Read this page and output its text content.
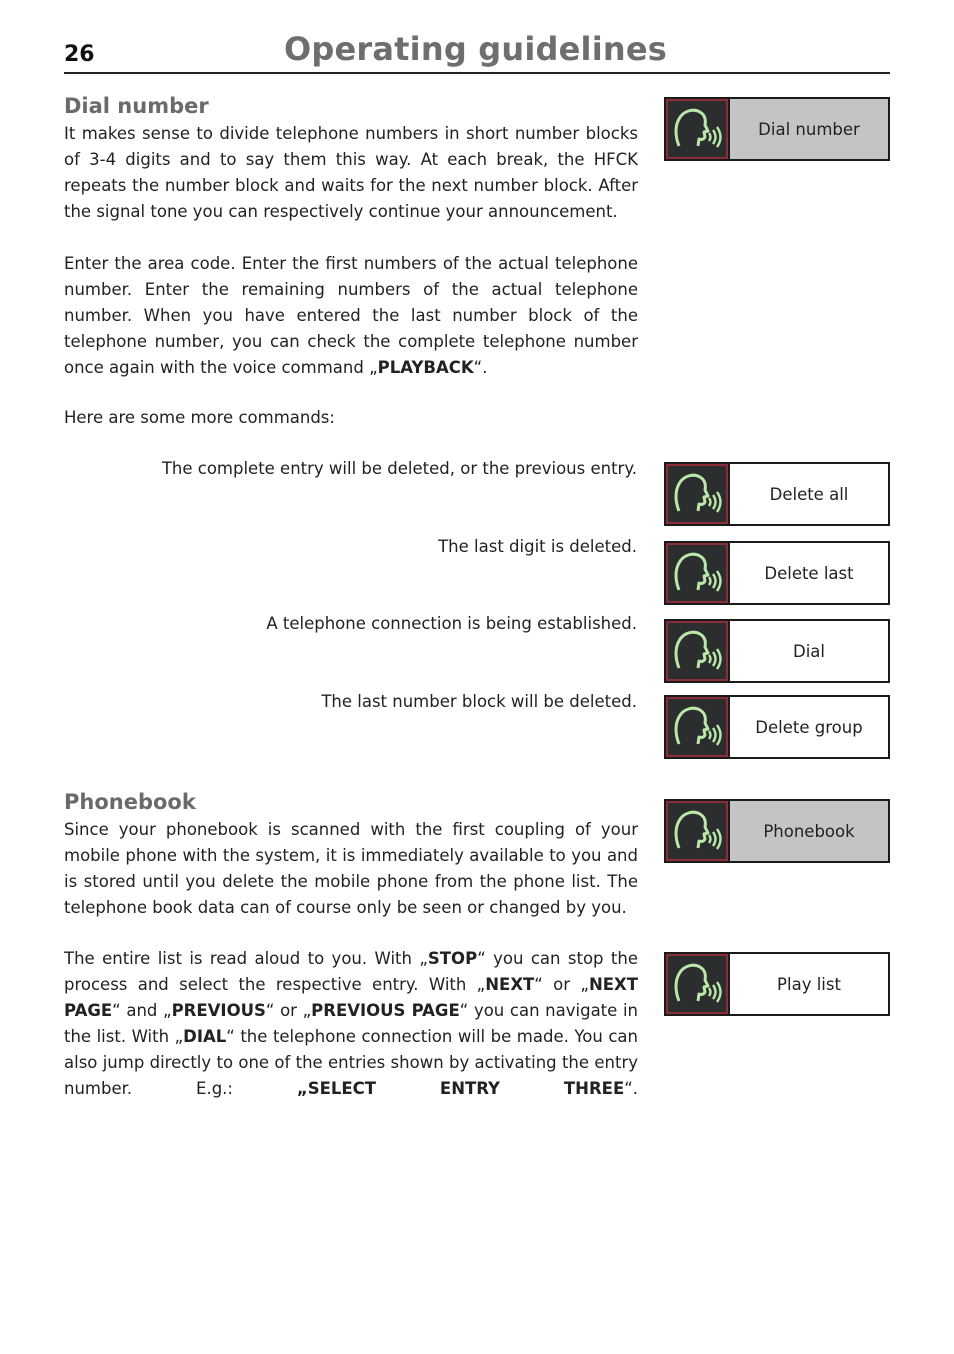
26	Operating guidelines
Dial number

It makes sense to divide telephone numbers in short number blocks of 3-4 digits and to say them this way. At each break, the HFCK repeats the number block and waits for the next number block. After the signal tone you can respectively continue your announcement.

Enter the area code. Enter the first numbers of the actual telephone number. Enter the remaining numbers of the actual telephone number. When you have entered the last number block of the telephone number, you can check the complete telephone number once again with the voice command „PLAYBACK“.

Here are some more commands:

Dial number
The complete entry will be deleted, or the previous entry.
Delete all
The last digit is deleted.
Delete last
A telephone connection is being established.
Dial
The last number block will be deleted.
Delete group
Phonebook

Since your phonebook is scanned with the first coupling of your mobile phone with the system, it is immediately available to you and is stored until you delete the mobile phone from the phone list. The telephone book data can of course only be seen or changed by you.

Phonebook

The entire list is read aloud to you. With „STOP“ you can stop the process and select the respective entry. With „NEXT“ or „NEXT PAGE“ and „PREVIOUS“ or „PREVIOUS PAGE“ you can navigate in the list. With „DIAL“ the telephone connection will be made. You can also jump directly to one of the entries shown by activating the entry number.	E.g.:	„SELECT	ENTRY	THREE“.

Play list
